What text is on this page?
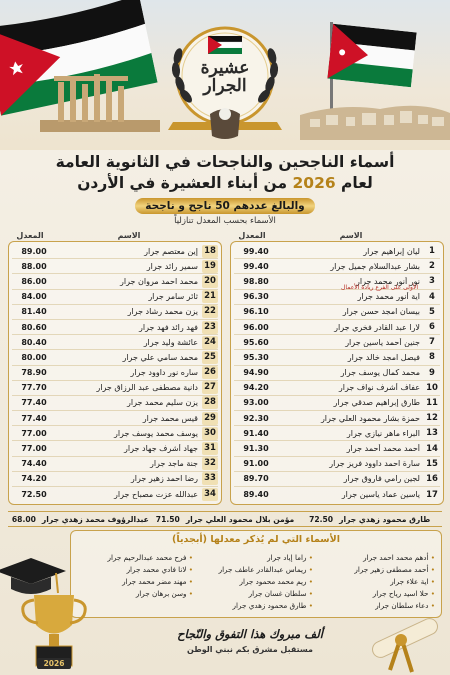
عشيرة
الجرار
أسماء الناجحين والناجحات في الثانوية العامة
لعام 2026 من أبناء العشيرة في الأردن
والبالغ عددهم 50 ناجح و ناجحة
الأسماء بحسب المعدل تنازلياً
الاسم
المعدل
1
ليان إبراهيم جرار
99.40
2
بشار عبدالسلام جميل جرار
99.40
3
نور أنور محمد جرار
98.80
الأولى على الفرع ريادة الأعمال
4
اية أنور محمد جرار
96.30
5
بيسان امجد حسن جرار
96.10
6
لارا عبد القادر فخري جرار
96.00
7
جنين أحمد ياسين جرار
95.60
8
فيصل امجد خالد جرار
95.30
9
محمد كمال يوسف جرار
94.90
10
عفاف أشرف نواف جرار
94.20
11
طارق إبراهيم صدقي جرار
93.00
12
حمزة بشار محمود العلي جرار
92.30
13
البراء ماهر نيازي جرار
91.40
14
أحمد محمد أحمد جرار
91.30
15
سارة احمد داوود فريز جرار
91.00
16
لجين رامي فاروق جرار
89.70
17
ياسين عماد ياسين جرار
89.40
الاسم
المعدل
18
إين معتصم جرار
89.00
19
سمير رائد جرار
88.00
20
محمد احمد مروان جرار
86.00
21
ثائر سامر جرار
84.00
22
يزن محمد رشاد جرار
81.40
23
فهد رائد فهد جرار
80.60
24
عائشة وليد جرار
80.40
25
محمد سامي علي جرار
80.00
26
ساره نور داوود جرار
78.90
27
دانية مصطفى عبد الرزاق جرار
77.70
28
يزن سليم محمد جرار
77.40
29
قيس محمد جرار
77.40
30
يوسف محمد يوسف جرار
77.00
31
جهاد أشرف جهاد جرار
77.00
32
جنة ماجد جرار
74.40
33
رضا احمد زهير جرار
74.20
34
عبدالله عزت مصباح جرار
72.50
طارق محمود زهدي جرار
72.50
مؤمن بلال محمود العلي جرار
71.50
عبدالرؤوف محمد زهدي جرار
68.00
الأسماء التي لم يُذكر معدلها (أبجدياً)
• أدهم محمد احمد جرار
• أحمد مصطفى زهير جرار
• اية علاء جرار
• حلا اسيد رياح جرار
• دعاء سلطان جرار
• راما إياد جرار
• ريماس عبدالقادر عاطف جرار
• ريم محمد محمود جرار
• سلطان غسان جرار
• طارق محمود زهدي جرار
• فرح محمد عبدالرحيم جرار
• لانا فادي محمد جرار
• مهند مضر محمد جرار
• وسن برهان جرار
2026
ألف مبروك هذا التفوق والنّجاح
مستقبل مشرق بكم نبني الوطن
